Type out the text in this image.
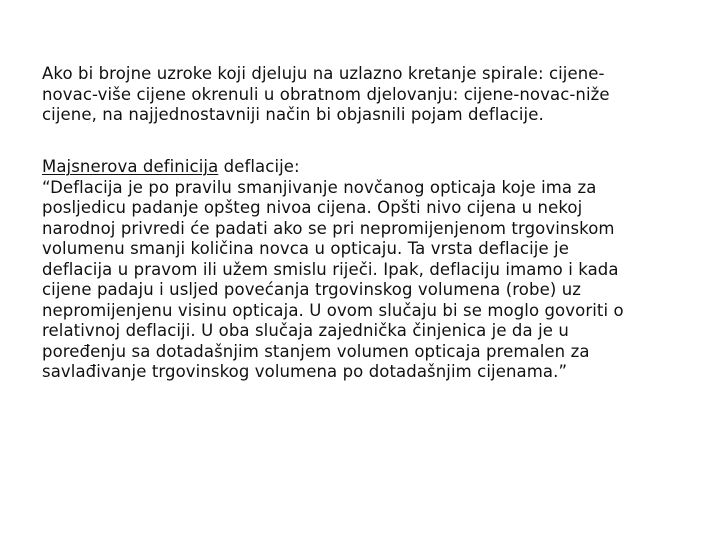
Ako bi brojne uzroke koji djeluju na uzlazno kretanje spirale: cijene-
novac-više cijene okrenuli u obratnom djelovanju: cijene-novac-niže
cijene, na najjednostavniji način bi objasnili pojam deflacije.

Majsnerova definicija deflacije:
“Deflacija je po pravilu smanjivanje novčanog opticaja koje ima za
posljedicu padanje opšteg nivoa cijena. Opšti nivo cijena u nekoj
narodnoj privredi će padati ako se pri nepromijenjenom trgovinskom
volumenu smanji količina novca u opticaju. Ta vrsta deflacije je
deflacija u pravom ili užem smislu riječi. Ipak, deflaciju imamo i kada
cijene padaju i usljed povećanja trgovinskog volumena (robe) uz
nepromijenjenu visinu opticaja. U ovom slučaju bi se moglo govoriti o
relativnoj deflaciji. U oba slučaja zajednička činjenica je da je u
poređenju sa dotadašnjim stanjem volumen opticaja premalen za
savlađivanje trgovinskog volumena po dotadašnjim cijenama.”
